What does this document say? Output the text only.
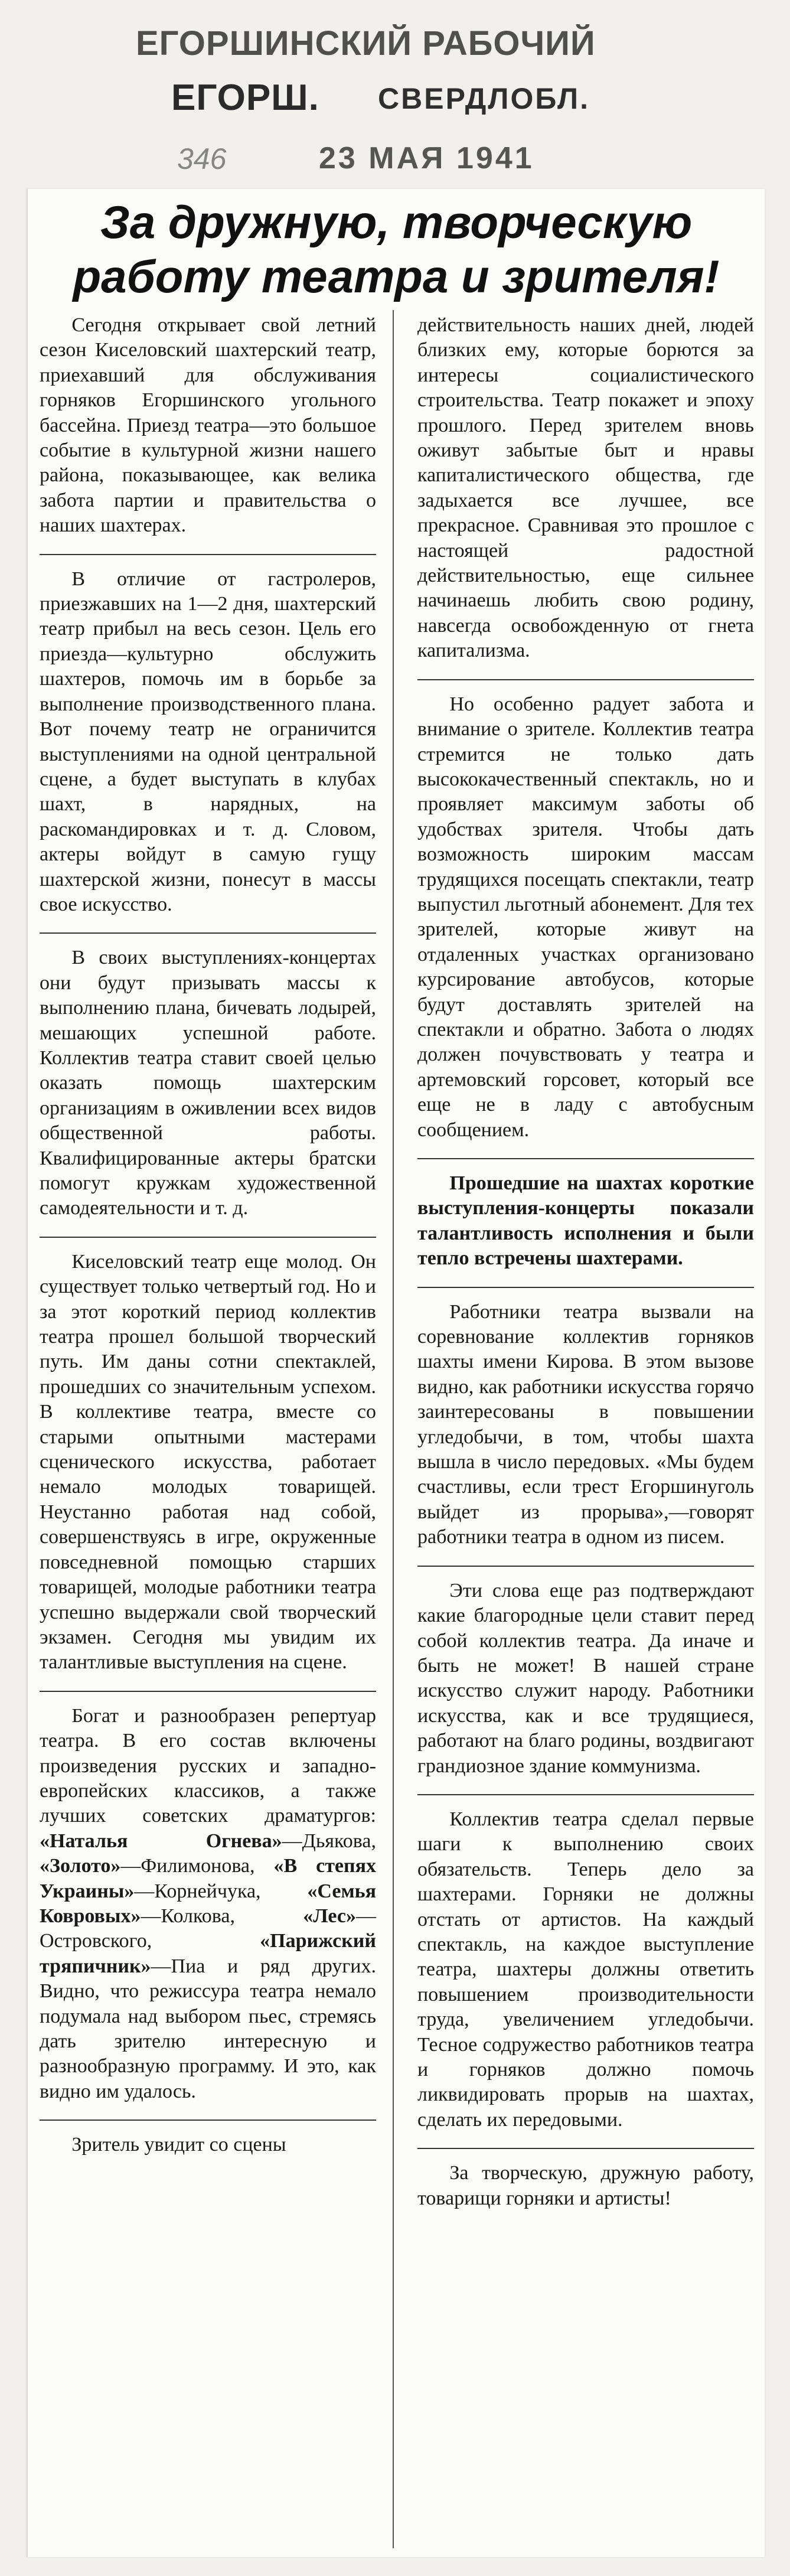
ЕГОРШИНСКИЙ РАБОЧИЙ
ЕГОРШ. СВЕРДЛОБЛ.
346	23 МАЯ 1941
За дружную, творческую
работу театра и зрителя!

Сегодня открывает свой летний сезон Киселовский шахтерский театр, приехавший для обслуживания горняков Егоршинского угольного бассейна. Приезд театра—это большое событие в культурной жизни нашего района, показывающее, как велика забота партии и правительства о наших шахтерах.

В отличие от гастролеров, приезжавших на 1—2 дня, шахтерский театр прибыл на весь сезон. Цель его приезда—культурно обслужить шахтеров, помочь им в борьбе за выполнение производственного плана. Вот почему театр не ограничится выступлениями на одной центральной сцене, а будет выступать в клубах шахт, в нарядных, на раскомандировках и т. д. Словом, актеры войдут в самую гущу шахтерской жизни, понесут в массы свое искусство.

В своих выступлениях-концертах они будут призывать массы к выполнению плана, бичевать лодырей, мешающих успешной работе. Коллектив театра ставит своей целью оказать помощь шахтерским организациям в оживлении всех видов общественной работы. Квалифицированные актеры братски помогут кружкам художественной самодеятельности и т. д.

Киселовский театр еще молод. Он существует только четвертый год. Но и за этот короткий период коллектив театра прошел большой творческий путь. Им даны сотни спектаклей, прошедших со значительным успехом. В коллективе театра, вместе со старыми опытными мастерами сценического искусства, работает немало молодых товарищей. Неустанно работая над собой, совершенствуясь в игре, окруженные повседневной помощью старших товарищей, молодые работники театра успешно выдержали свой творческий экзамен. Сегодня мы увидим их талантливые выступления на сцене.

Богат и разнообразен репертуар театра. В его состав включены произведения русских и западно-европейских классиков, а также лучших советских драматургов: «Наталья Огнева»—Дьякова, «Золото»—Филимонова, «В степях Украины»—Корнейчука, «Семья Ковровых»—Колкова,	«Лес»—Островского,	«Парижский тряпичник»—Пиа и ряд других. Видно, что режиссура театра немало подумала над выбором пьес, стремясь дать зрителю интересную и разнообразную программу. И это, как видно им удалось.

Зритель увидит со сцены

действительность наших дней, людей близких ему, которые борются за интересы социалистического строительства. Театр покажет и эпоху прошлого. Перед зрителем вновь оживут забытые быт и нравы капиталистического общества, где задыхается все лучшее, все прекрасное. Сравнивая это прошлое с настоящей радостной действительностью, еще сильнее начинаешь любить свою родину, навсегда освобожденную от гнета капитализма.

Но особенно радует забота и внимание о зрителе. Коллектив театра стремится не только дать высококачественный спектакль, но и проявляет максимум заботы об удобствах зрителя. Чтобы дать возможность широким массам трудящихся посещать спектакли, театр выпустил льготный абонемент. Для тех зрителей, которые живут на отдаленных участках организовано курсирование автобусов, которые будут доставлять зрителей на спектакли и обратно. Забота о людях должен почувствовать у театра и артемовский горсовет, который все еще не в ладу с автобусным сообщением.

Прошедшие на шахтах короткие выступления-концерты показали талантливость исполнения и были тепло встречены шахтерами.

Работники театра вызвали на соревнование коллектив горняков шахты имени Кирова. В этом вызове видно, как работники искусства горячо заинтересованы в повышении угледобычи, в том, чтобы шахта вышла в число передовых. «Мы будем счастливы, если трест Егоршинуголь выйдет из прорыва»,—говорят работники театра в одном из писем.

Эти слова еще раз подтверждают какие благородные цели ставит перед собой коллектив театра. Да иначе и быть не может! В нашей стране искусство служит народу. Работники искусства, как и все трудящиеся, работают на благо родины, воздвигают грандиозное здание коммунизма.

Коллектив театра сделал первые шаги к выполнению своих обязательств. Теперь дело за шахтерами. Горняки не должны отстать от артистов. На каждый спектакль, на каждое выступление театра, шахтеры должны ответить повышением производительности труда, увеличением угледобычи. Тесное содружество работников театра и горняков должно помочь ликвидировать прорыв на шахтах, сделать их передовыми.

За творческую, дружную работу, товарищи горняки и артисты!
